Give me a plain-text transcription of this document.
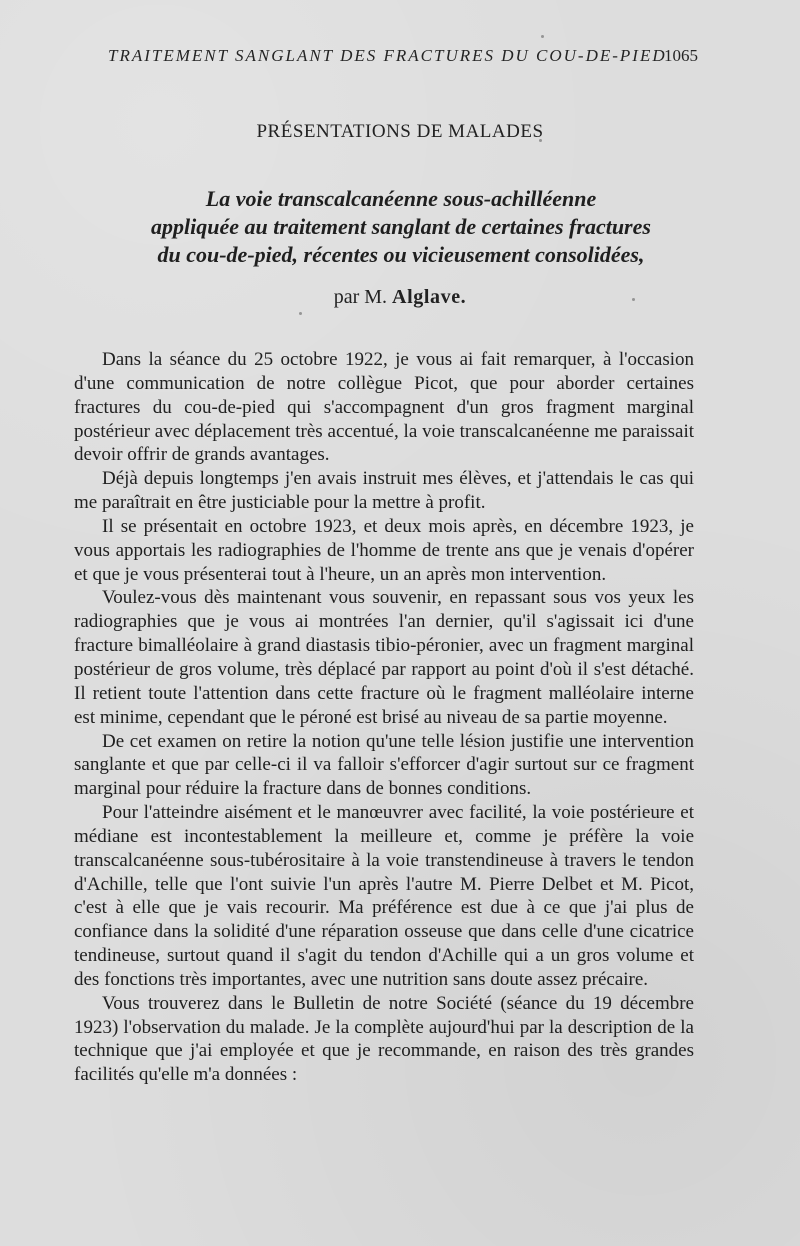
TRAITEMENT SANGLANT DES FRACTURES DU COU-DE-PIED
1065
PRÉSENTATIONS DE MALADES
La voie transcalcanéenne sous-achilléenne
appliquée au traitement sanglant de certaines fractures
du cou-de-pied, récentes ou vicieusement consolidées,
par M. Alglave.

Dans la séance du 25 octobre 1922, je vous ai fait remarquer, à l'occasion d'une communication de notre collègue Picot, que pour aborder certaines fractures du cou-de-pied qui s'accompagnent d'un gros fragment marginal postérieur avec déplacement très accentué, la voie transcalcanéenne me paraissait devoir offrir de grands avantages.

Déjà depuis longtemps j'en avais instruit mes élèves, et j'attendais le cas qui me paraîtrait en être justiciable pour la mettre à profit.

Il se présentait en octobre 1923, et deux mois après, en décembre 1923, je vous apportais les radiographies de l'homme de trente ans que je venais d'opérer et que je vous présenterai tout à l'heure, un an après mon intervention.

Voulez-vous dès maintenant vous souvenir, en repassant sous vos yeux les radiographies que je vous ai montrées l'an dernier, qu'il s'agissait ici d'une fracture bimalléolaire à grand diastasis tibio-péronier, avec un fragment marginal postérieur de gros volume, très déplacé par rapport au point d'où il s'est détaché. Il retient toute l'attention dans cette fracture où le fragment malléolaire interne est minime, cependant que le péroné est brisé au niveau de sa partie moyenne.

De cet examen on retire la notion qu'une telle lésion justifie une intervention sanglante et que par celle-ci il va falloir s'efforcer d'agir surtout sur ce fragment marginal pour réduire la fracture dans de bonnes conditions.

Pour l'atteindre aisément et le manœuvrer avec facilité, la voie postérieure et médiane est incontestablement la meilleure et, comme je préfère la voie transcalcanéenne sous-tubérositaire à la voie transtendineuse à travers le tendon d'Achille, telle que l'ont suivie l'un après l'autre M. Pierre Delbet et M. Picot, c'est à elle que je vais recourir. Ma préférence est due à ce que j'ai plus de confiance dans la solidité d'une réparation osseuse que dans celle d'une cicatrice tendineuse, surtout quand il s'agit du tendon d'Achille qui a un gros volume et des fonctions très importantes, avec une nutrition sans doute assez précaire.

Vous trouverez dans le Bulletin de notre Société (séance du 19 décembre 1923) l'observation du malade. Je la complète aujourd'hui par la description de la technique que j'ai employée et que je recommande, en raison des très grandes facilités qu'elle m'a données :
